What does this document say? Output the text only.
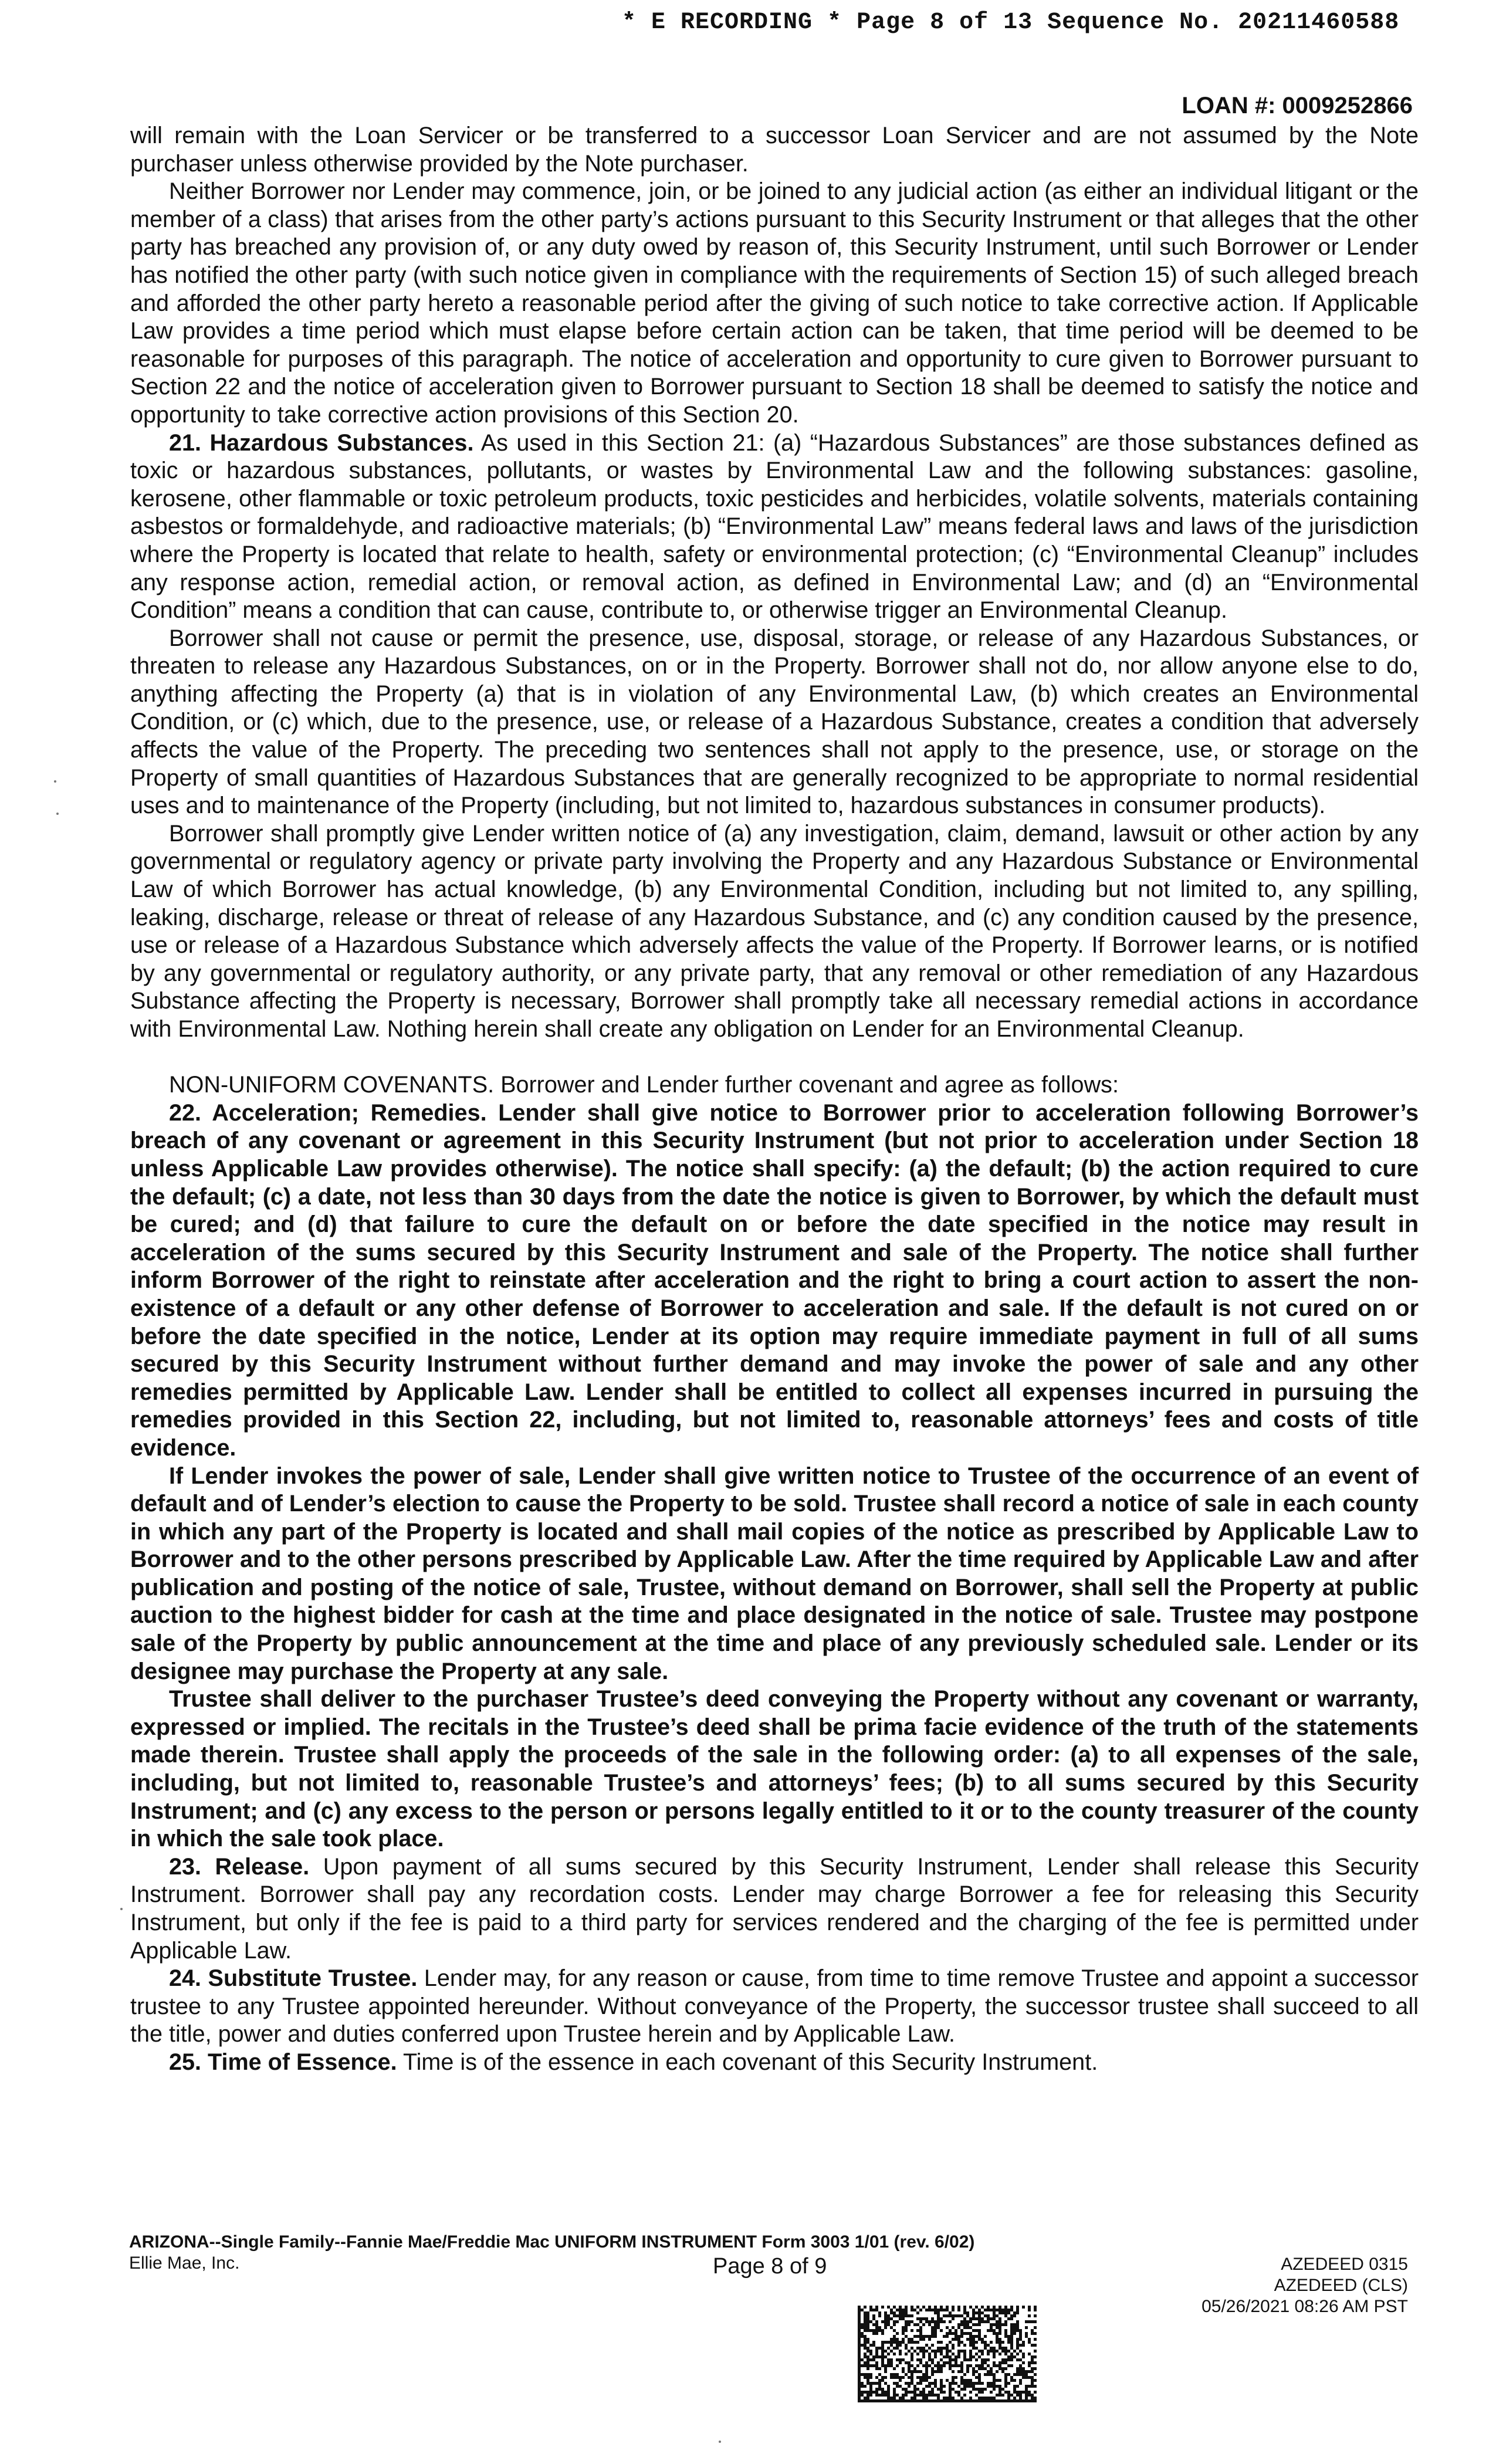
* E RECORDING * Page 8 of 13 Sequence No. 20211460588
LOAN #: 0009252866

will remain with the Loan Servicer or be transferred to a successor Loan Servicer and are not assumed by the Note purchaser unless otherwise provided by the Note purchaser.

Neither Borrower nor Lender may commence, join, or be joined to any judicial action (as either an individual litigant or the member of a class) that arises from the other party’s actions pursuant to this Security Instrument or that alleges that the other party has breached any provision of, or any duty owed by reason of, this Security Instrument, until such Borrower or Lender has notified the other party (with such notice given in compliance with the requirements of Section 15) of such alleged breach and afforded the other party hereto a reasonable period after the giving of such notice to take corrective action. If Applicable Law provides a time period which must elapse before certain action can be taken, that time period will be deemed to be reasonable for purposes of this paragraph. The notice of acceleration and opportunity to cure given to Borrower pursuant to Section 22 and the notice of acceleration given to Borrower pursuant to Section 18 shall be deemed to satisfy the notice and opportunity to take corrective action provisions of this Section 20.

21. Hazardous Substances. As used in this Section 21: (a) “Hazardous Substances” are those substances defined as toxic or hazardous substances, pollutants, or wastes by Environmental Law and the following substances: gasoline, kerosene, other flammable or toxic petroleum products, toxic pesticides and herbicides, volatile solvents, materials containing asbestos or formaldehyde, and radioactive materials; (b) “Environmental Law” means federal laws and laws of the jurisdiction where the Property is located that relate to health, safety or environmental protection; (c) “Environmental Cleanup” includes any response action, remedial action, or removal action, as defined in Environmental Law; and (d) an “Environmental Condition” means a condition that can cause, contribute to, or otherwise trigger an Environmental Cleanup.

Borrower shall not cause or permit the presence, use, disposal, storage, or release of any Hazardous Substances, or threaten to release any Hazardous Substances, on or in the Property. Borrower shall not do, nor allow anyone else to do, anything affecting the Property (a) that is in violation of any Environmental Law, (b) which creates an Environmental Condition, or (c) which, due to the presence, use, or release of a Hazardous Substance, creates a condition that adversely affects the value of the Property. The preceding two sentences shall not apply to the presence, use, or storage on the Property of small quantities of Hazardous Substances that are generally recognized to be appropriate to normal residential uses and to maintenance of the Property (including, but not limited to, hazardous substances in consumer products).

Borrower shall promptly give Lender written notice of (a) any investigation, claim, demand, lawsuit or other action by any governmental or regulatory agency or private party involving the Property and any Hazardous Substance or Environmental Law of which Borrower has actual knowledge, (b) any Environmental Condition, including but not limited to, any spilling, leaking, discharge, release or threat of release of any Hazardous Substance, and (c) any condition caused by the presence, use or release of a Hazardous Substance which adversely affects the value of the Property. If Borrower learns, or is notified by any governmental or regulatory authority, or any private party, that any removal or other remediation of any Hazardous Substance affecting the Property is necessary, Borrower shall promptly take all necessary remedial actions in accordance with Environmental Law. Nothing herein shall create any obligation on Lender for an Environmental Cleanup.

NON-UNIFORM COVENANTS. Borrower and Lender further covenant and agree as follows:

22. Acceleration; Remedies. Lender shall give notice to Borrower prior to acceleration following Borrower’s breach of any covenant or agreement in this Security Instrument (but not prior to acceleration under Section 18 unless Applicable Law provides otherwise). The notice shall specify: (a) the default; (b) the action required to cure the default; (c) a date, not less than 30 days from the date the notice is given to Borrower, by which the default must be cured; and (d) that failure to cure the default on or before the date specified in the notice may result in acceleration of the sums secured by this Security Instrument and sale of the Property. The notice shall further inform Borrower of the right to reinstate after acceleration and the right to bring a court action to assert the non-existence of a default or any other defense of Borrower to acceleration and sale. If the default is not cured on or before the date specified in the notice, Lender at its option may require immediate payment in full of all sums secured by this Security Instrument without further demand and may invoke the power of sale and any other remedies permitted by Applicable Law. Lender shall be entitled to collect all expenses incurred in pursuing the remedies provided in this Section 22, including, but not limited to, reasonable attorneys’ fees and costs of title evidence.

If Lender invokes the power of sale, Lender shall give written notice to Trustee of the occurrence of an event of default and of Lender’s election to cause the Property to be sold. Trustee shall record a notice of sale in each county in which any part of the Property is located and shall mail copies of the notice as prescribed by Applicable Law to Borrower and to the other persons prescribed by Applicable Law. After the time required by Applicable Law and after publication and posting of the notice of sale, Trustee, without demand on Borrower, shall sell the Property at public auction to the highest bidder for cash at the time and place designated in the notice of sale. Trustee may postpone sale of the Property by public announcement at the time and place of any previously scheduled sale. Lender or its designee may purchase the Property at any sale.

Trustee shall deliver to the purchaser Trustee’s deed conveying the Property without any covenant or warranty, expressed or implied. The recitals in the Trustee’s deed shall be prima facie evidence of the truth of the statements made therein. Trustee shall apply the proceeds of the sale in the following order: (a) to all expenses of the sale, including, but not limited to, reasonable Trustee’s and attorneys’ fees; (b) to all sums secured by this Security Instrument; and (c) any excess to the person or persons legally entitled to it or to the county treasurer of the county in which the sale took place.

23. Release. Upon payment of all sums secured by this Security Instrument, Lender shall release this Security Instrument. Borrower shall pay any recordation costs. Lender may charge Borrower a fee for releasing this Security Instrument, but only if the fee is paid to a third party for services rendered and the charging of the fee is permitted under Applicable Law.

24. Substitute Trustee. Lender may, for any reason or cause, from time to time remove Trustee and appoint a successor trustee to any Trustee appointed hereunder. Without conveyance of the Property, the successor trustee shall succeed to all the title, power and duties conferred upon Trustee herein and by Applicable Law.

25. Time of Essence. Time is of the essence in each covenant of this Security Instrument.

ARIZONA--Single Family--Fannie Mae/Freddie Mac UNIFORM INSTRUMENT Form 3003 1/01 (rev. 6/02)
Ellie Mae, Inc.	Page 8 of 9	AZEDEED 0315
AZEDEED (CLS)
05/26/2021 08:26 AM PST
